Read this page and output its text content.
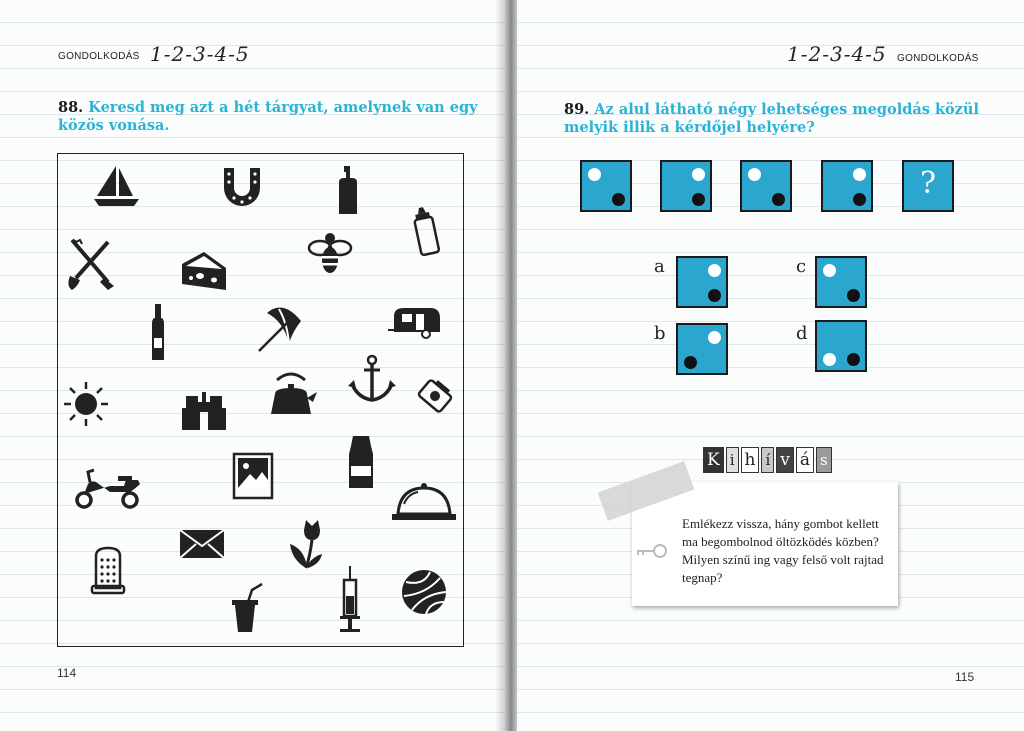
GONDOLKODÁS 1-2-3-4-5
88. Keresd meg azt a hét tárgyat, amelynek van egy közös vonása.
114
1-2-3-4-5 GONDOLKODÁS
89. Az alul látható négy lehetséges megoldás közül melyik illik a kérdőjel helyére?
?
a	c
b	d
115
K i h í v á s
Emlékezz vissza, hány gombot kellett ma begombolnod öltözködés közben? Milyen színű ing vagy felső volt rajtad tegnap?
